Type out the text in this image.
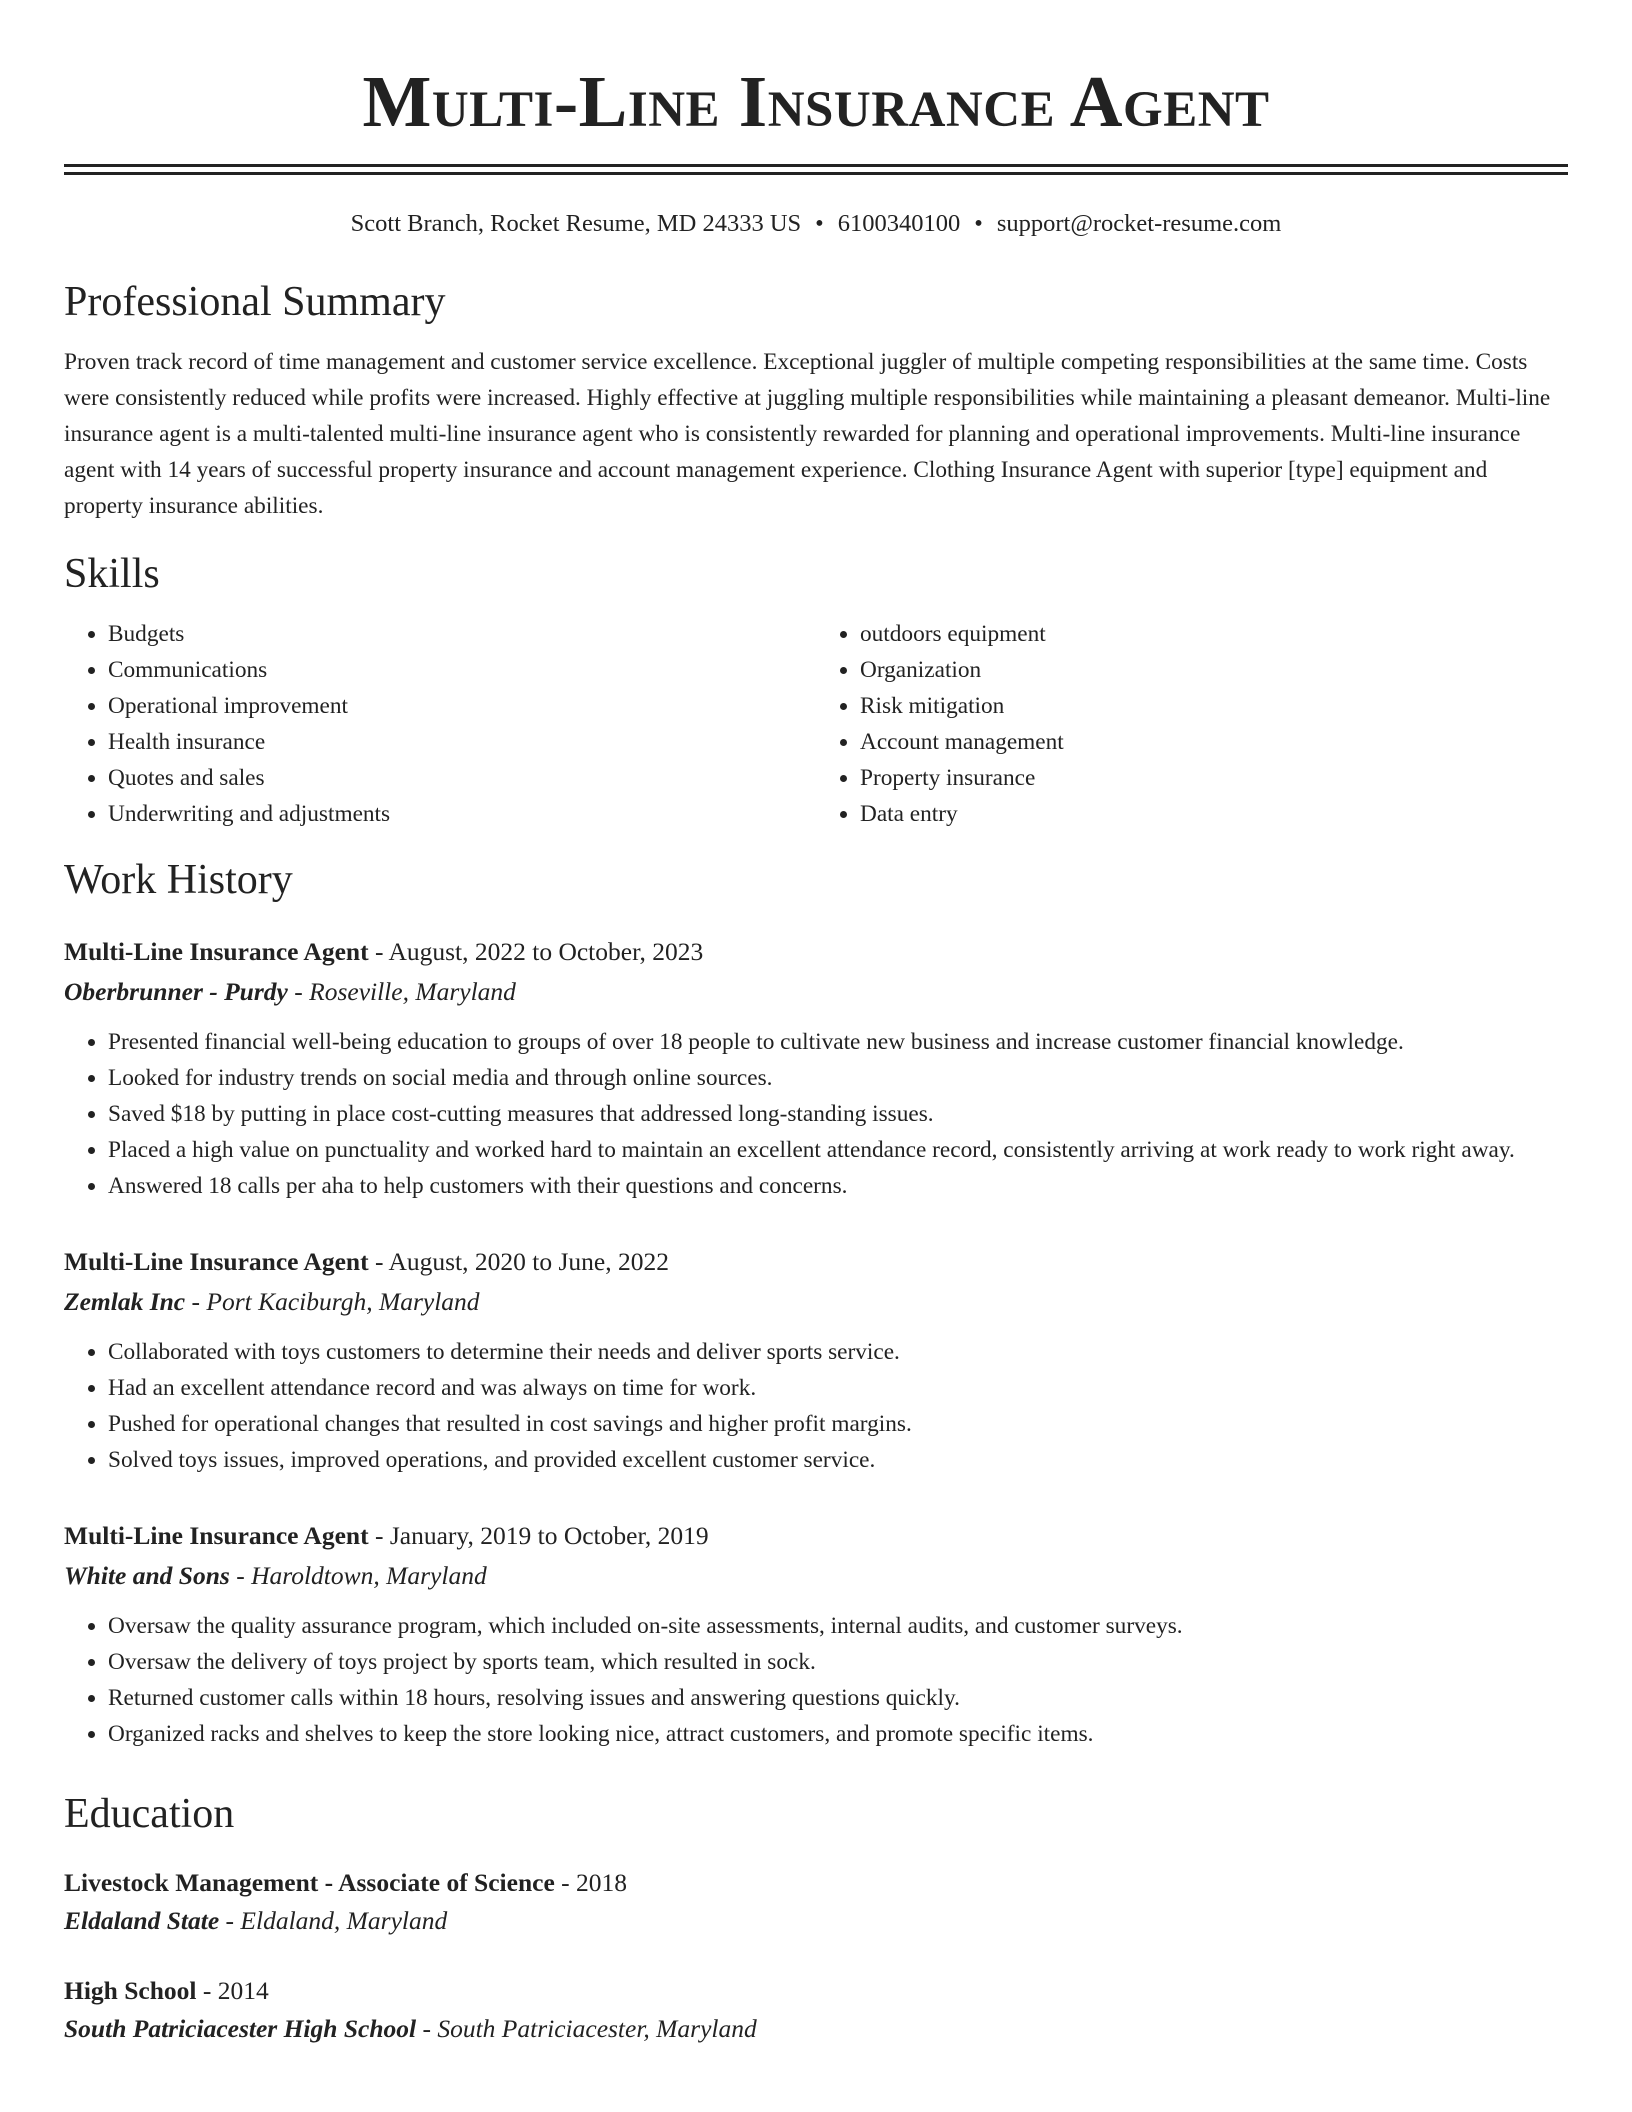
Multi-Line Insurance Agent
Scott Branch, Rocket Resume, MD 24333 US • 6100340100 • support@rocket-resume.com
Professional Summary

Proven track record of time management and customer service excellence. Exceptional juggler of multiple competing responsibilities at the same time. Costs were consistently reduced while profits were increased. Highly effective at juggling multiple responsibilities while maintaining a pleasant demeanor. Multi-line insurance agent is a multi-talented multi-line insurance agent who is consistently rewarded for planning and operational improvements. Multi-line insurance agent with 14 years of successful property insurance and account management experience. Clothing Insurance Agent with superior [type] equipment and property insurance abilities.

Skills
• Budgets
• Communications
• Operational improvement
• Health insurance
• Quotes and sales
• Underwriting and adjustments
• outdoors equipment
• Organization
• Risk mitigation
• Account management
• Property insurance
• Data entry
Work History
Multi-Line Insurance Agent - August, 2022 to October, 2023
Oberbrunner - Purdy - Roseville, Maryland
• Presented financial well-being education to groups of over 18 people to cultivate new business and increase customer financial knowledge.
• Looked for industry trends on social media and through online sources.
• Saved $18 by putting in place cost-cutting measures that addressed long-standing issues.
• Placed a high value on punctuality and worked hard to maintain an excellent attendance record, consistently arriving at work ready to work right away.
• Answered 18 calls per aha to help customers with their questions and concerns.
Multi-Line Insurance Agent - August, 2020 to June, 2022
Zemlak Inc - Port Kaciburgh, Maryland
• Collaborated with toys customers to determine their needs and deliver sports service.
• Had an excellent attendance record and was always on time for work.
• Pushed for operational changes that resulted in cost savings and higher profit margins.
• Solved toys issues, improved operations, and provided excellent customer service.
Multi-Line Insurance Agent - January, 2019 to October, 2019
White and Sons - Haroldtown, Maryland
• Oversaw the quality assurance program, which included on-site assessments, internal audits, and customer surveys.
• Oversaw the delivery of toys project by sports team, which resulted in sock.
• Returned customer calls within 18 hours, resolving issues and answering questions quickly.
• Organized racks and shelves to keep the store looking nice, attract customers, and promote specific items.
Education
Livestock Management - Associate of Science - 2018
Eldaland State - Eldaland, Maryland
High School - 2014
South Patriciacester High School - South Patriciacester, Maryland
